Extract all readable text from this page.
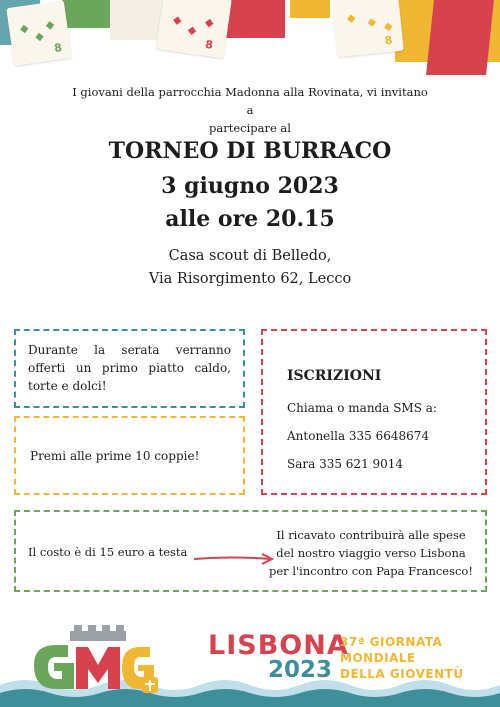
8	8	8
I giovani della parrocchia Madonna alla Rovinata, vi invitano a
partecipare al
TORNEO DI BURRACO
3 giugno 2023
alle ore 20.15
Casa scout di Belledo,
Via Risorgimento 62, Lecco
Durante la serata verranno offerti un primo piatto caldo, torte e dolci!
Premi alle prime 10 coppie!
ISCRIZIONI
Chiama o manda SMS a:
Antonella 335 6648674
Sara 335 621 9014
Il costo è di 15 euro a testa
Il ricavato contribuirà alle spese del nostro viaggio verso Lisbona per l'incontro con Papa Francesco!
LISBONA
2023
37ª GIORNATA
MONDIALE
DELLA GIOVENTÙ
